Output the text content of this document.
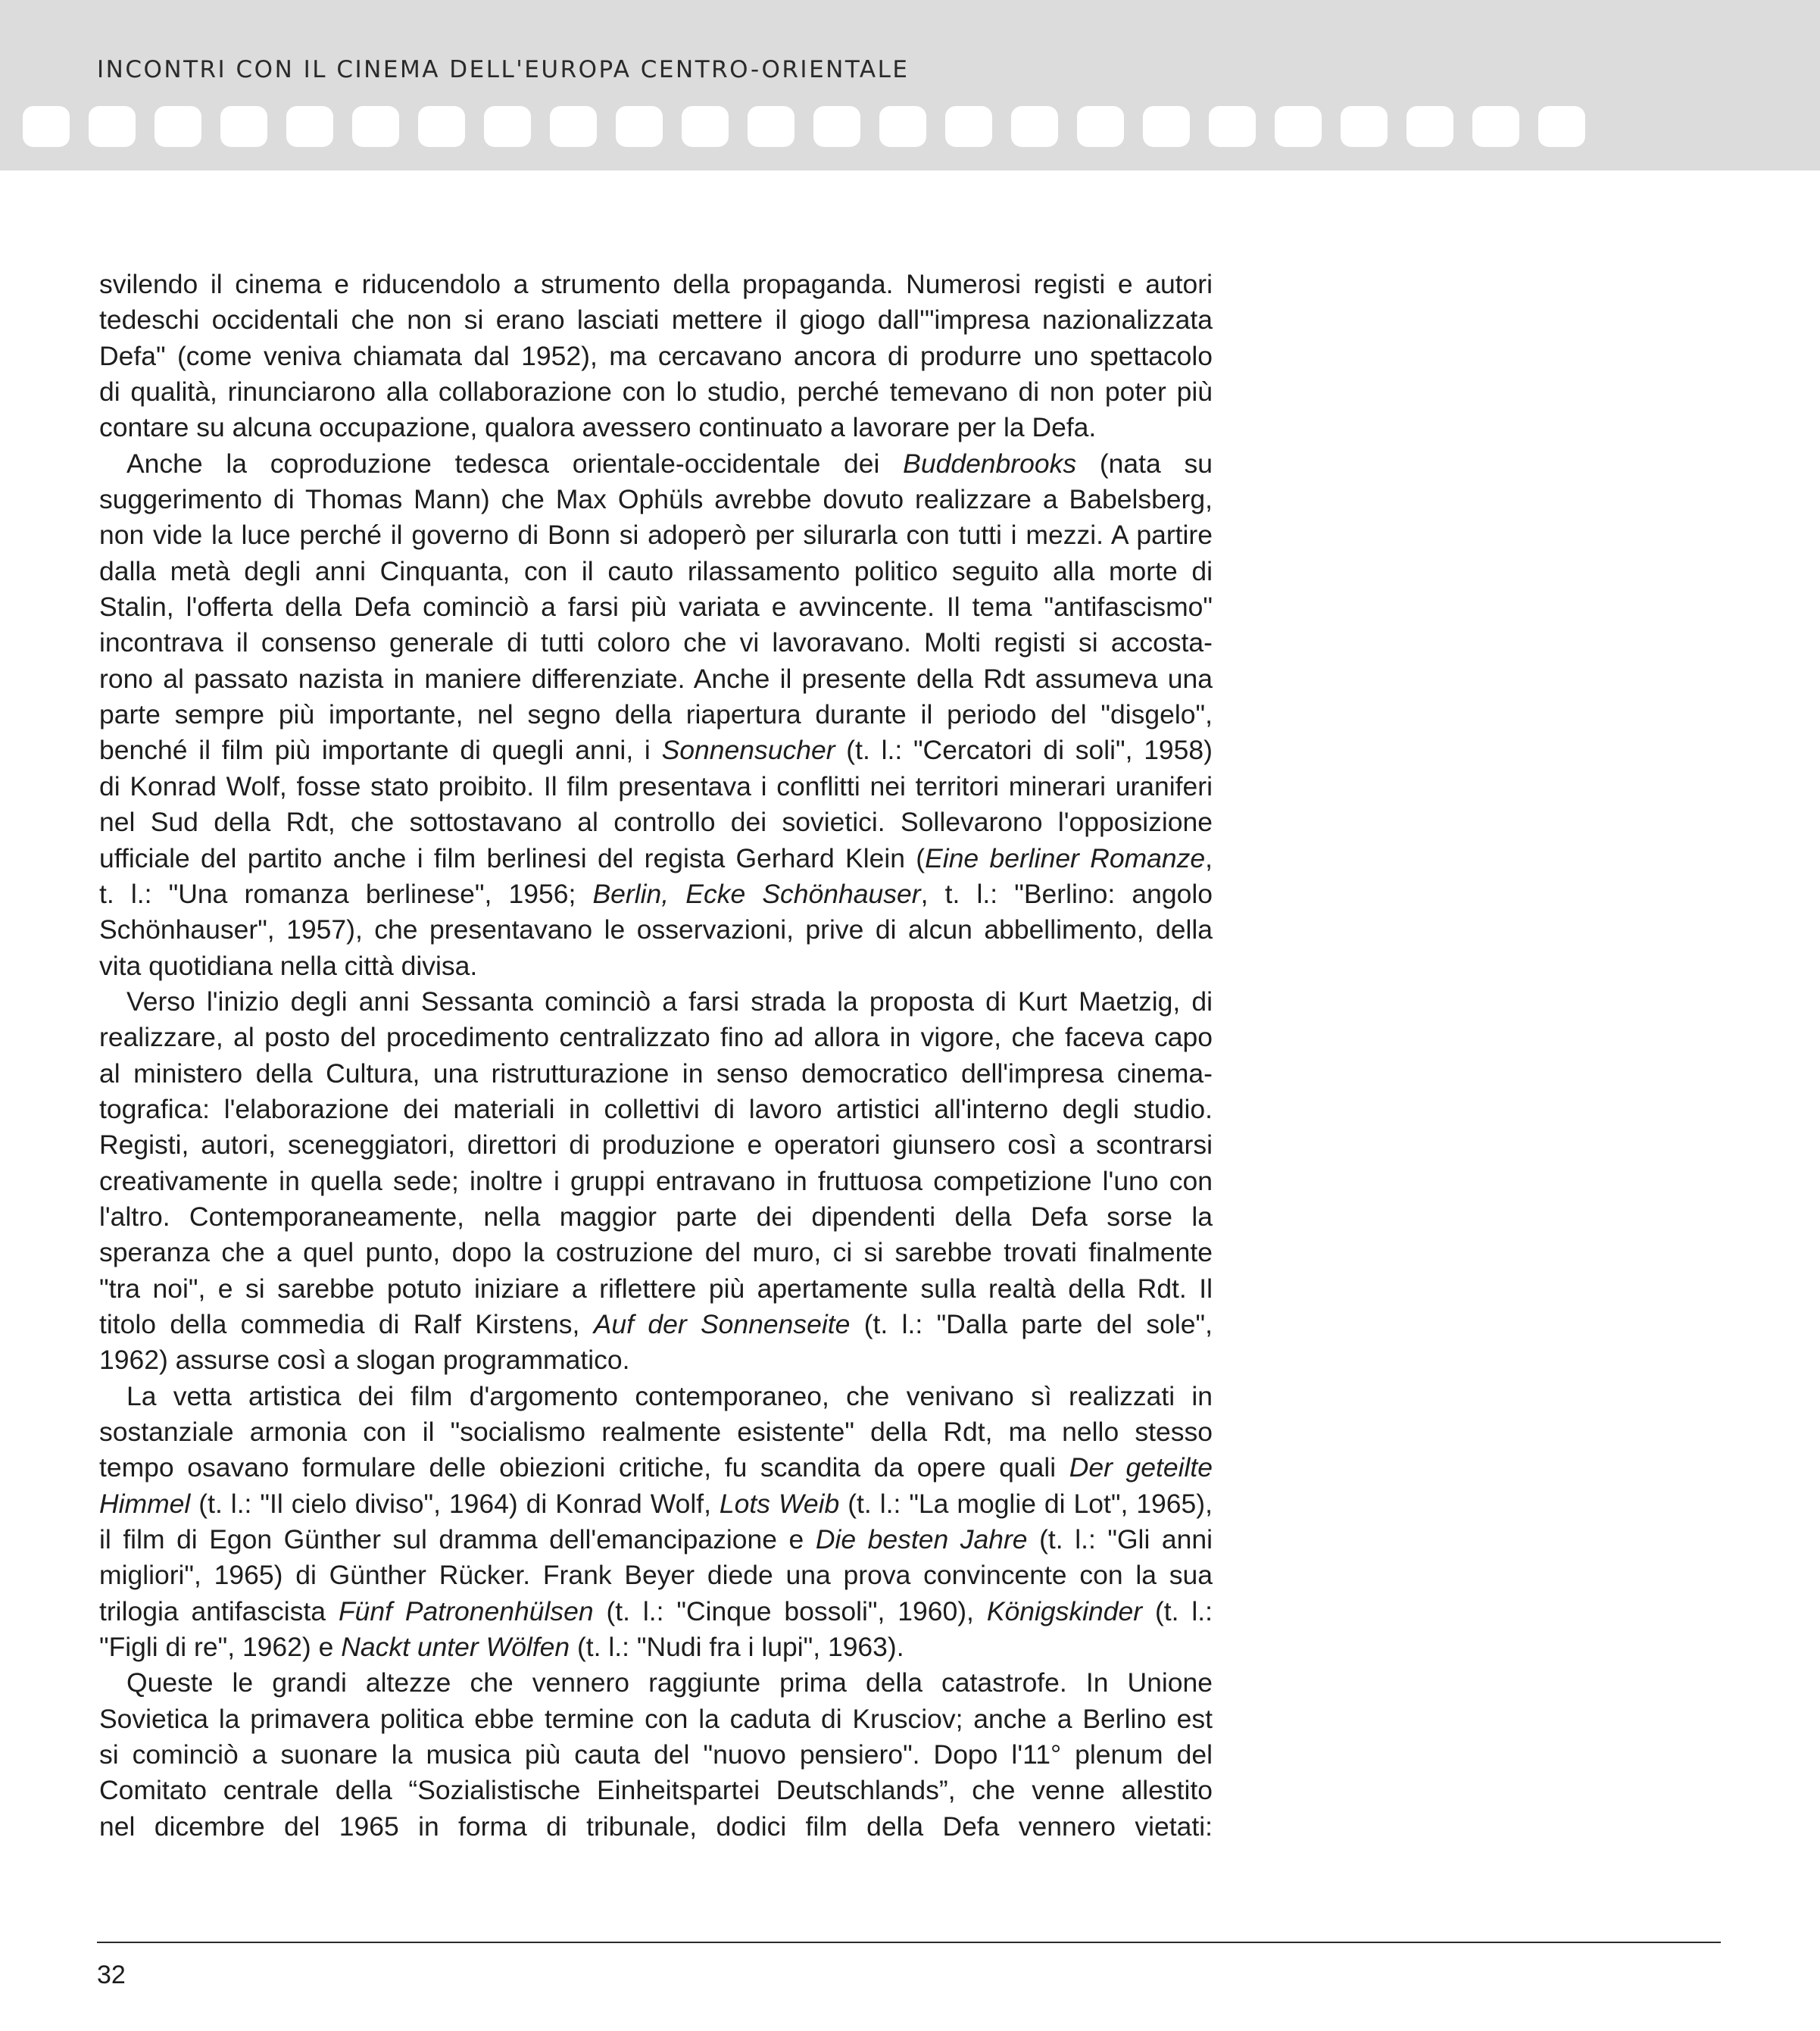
INCONTRI CON IL CINEMA DELL'EUROPA CENTRO-ORIENTALE
svilendo il cinema e riducendolo a strumento della propaganda. Numerosi registi e autori
tedeschi occidentali che non si erano lasciati mettere il giogo dall'"impresa nazionalizzata
Defa" (come veniva chiamata dal 1952), ma cercavano ancora di produrre uno spettacolo
di qualità, rinunciarono alla collaborazione con lo studio, perché temevano di non poter più
contare su alcuna occupazione, qualora avessero continuato a lavorare per la Defa.
Anche la coproduzione tedesca orientale-occidentale dei Buddenbrooks (nata su
suggerimento di Thomas Mann) che Max Ophüls avrebbe dovuto realizzare a Babelsberg,
non vide la luce perché il governo di Bonn si adoperò per silurarla con tutti i mezzi. A partire
dalla metà degli anni Cinquanta, con il cauto rilassamento politico seguito alla morte di
Stalin, l'offerta della Defa cominciò a farsi più variata e avvincente. Il tema "antifascismo"
incontrava il consenso generale di tutti coloro che vi lavoravano. Molti registi si accosta-
rono al passato nazista in maniere differenziate. Anche il presente della Rdt assumeva una
parte sempre più importante, nel segno della riapertura durante il periodo del "disgelo",
benché il film più importante di quegli anni, i Sonnensucher (t. l.: "Cercatori di soli", 1958)
di Konrad Wolf, fosse stato proibito. Il film presentava i conflitti nei territori minerari uraniferi
nel Sud della Rdt, che sottostavano al controllo dei sovietici. Sollevarono l'opposizione
ufficiale del partito anche i film berlinesi del regista Gerhard Klein (Eine berliner Romanze,
t. l.: "Una romanza berlinese", 1956; Berlin, Ecke Schönhauser, t. l.: "Berlino: angolo
Schönhauser", 1957), che presentavano le osservazioni, prive di alcun abbellimento, della
vita quotidiana nella città divisa.
Verso l'inizio degli anni Sessanta cominciò a farsi strada la proposta di Kurt Maetzig, di
realizzare, al posto del procedimento centralizzato fino ad allora in vigore, che faceva capo
al ministero della Cultura, una ristrutturazione in senso democratico dell'impresa cinema-
tografica: l'elaborazione dei materiali in collettivi di lavoro artistici all'interno degli studio.
Registi, autori, sceneggiatori, direttori di produzione e operatori giunsero così a scontrarsi
creativamente in quella sede; inoltre i gruppi entravano in fruttuosa competizione l'uno con
l'altro. Contemporaneamente, nella maggior parte dei dipendenti della Defa sorse la
speranza che a quel punto, dopo la costruzione del muro, ci si sarebbe trovati finalmente
"tra noi", e si sarebbe potuto iniziare a riflettere più apertamente sulla realtà della Rdt. Il
titolo della commedia di Ralf Kirstens, Auf der Sonnenseite (t. l.: "Dalla parte del sole",
1962) assurse così a slogan programmatico.
La vetta artistica dei film d'argomento contemporaneo, che venivano sì realizzati in
sostanziale armonia con il "socialismo realmente esistente" della Rdt, ma nello stesso
tempo osavano formulare delle obiezioni critiche, fu scandita da opere quali Der geteilte
Himmel (t. l.: "Il cielo diviso", 1964) di Konrad Wolf, Lots Weib (t. l.: "La moglie di Lot", 1965),
il film di Egon Günther sul dramma dell'emancipazione e Die besten Jahre (t. l.: "Gli anni
migliori", 1965) di Günther Rücker. Frank Beyer diede una prova convincente con la sua
trilogia antifascista Fünf Patronenhülsen (t. l.: "Cinque bossoli", 1960), Königskinder (t. l.:
"Figli di re", 1962) e Nackt unter Wölfen (t. l.: "Nudi fra i lupi", 1963).
Queste le grandi altezze che vennero raggiunte prima della catastrofe. In Unione
Sovietica la primavera politica ebbe termine con la caduta di Krusciov; anche a Berlino est
si cominciò a suonare la musica più cauta del "nuovo pensiero". Dopo l'11° plenum del
Comitato centrale della “Sozialistische Einheitspartei Deutschlands”, che venne allestito
nel dicembre del 1965 in forma di tribunale, dodici film della Defa vennero vietati:
32
